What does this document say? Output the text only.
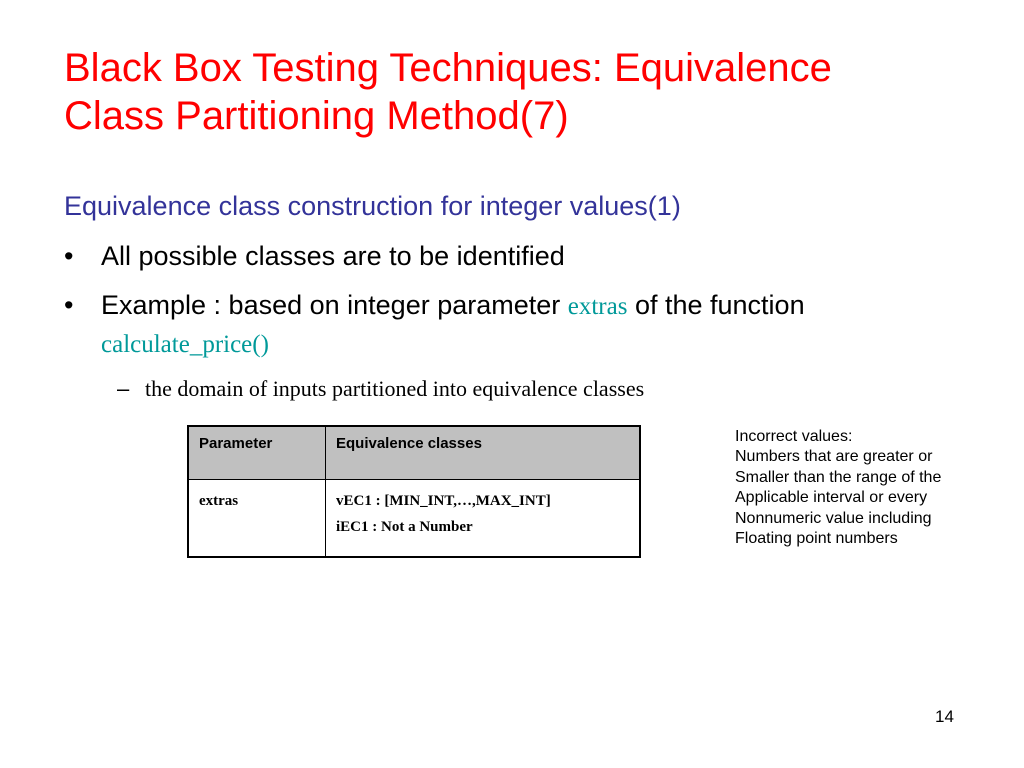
Black Box Testing Techniques: Equivalence
Class Partitioning Method(7)
Equivalence class construction for integer values(1)
•	All possible classes are to be identified
•	Example : based on integer parameter extras of the function calculate_price()
– the domain of inputs partitioned into equivalence classes
Parameter	Equivalence classes
extras	vEC1 : [MIN_INT,…,MAX_INT]
iEC1 : Not a Number
Incorrect values:
Numbers that are greater or
Smaller than the range of the
Applicable interval or every
Nonnumeric value including
Floating point numbers
14
